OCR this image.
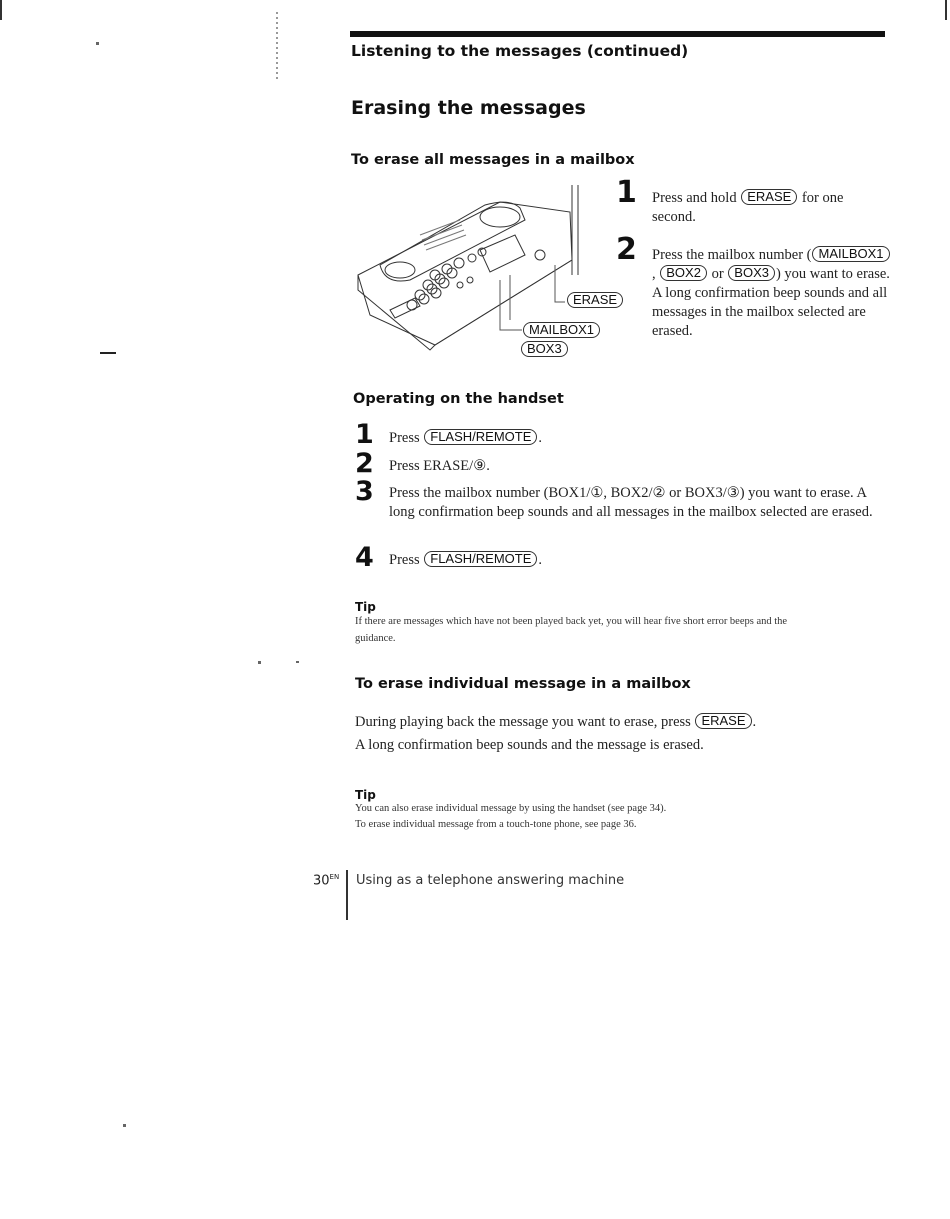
Listening to the messages (continued)
Erasing the messages
To erase all messages in a mailbox
ERASE
MAILBOX1
BOX3
1 Press and hold ERASE for one second.
2 Press the mailbox number ( MAILBOX1, BOX2 or BOX3 ) you want to erase.
A long confirmation beep sounds and all messages in the mailbox selected are erased.
Operating on the handset
1 Press FLASH/REMOTE .
2 Press ERASE/⑨.
3 Press the mailbox number (BOX1/①, BOX2/② or BOX3/③) you want to erase. A long confirmation beep sounds and all messages in the mailbox selected are erased.
4 Press FLASH/REMOTE .
Tip
If there are messages which have not been played back yet, you will hear five short error beeps and the guidance.
To erase individual message in a mailbox
During playing back the message you want to erase, press ERASE .
A long confirmation beep sounds and the message is erased.
Tip
You can also erase individual message by using the handset (see page 34).
To erase individual message from a touch-tone phone, see page 36.
$30^{EN}$ Using as a telephone answering machine
